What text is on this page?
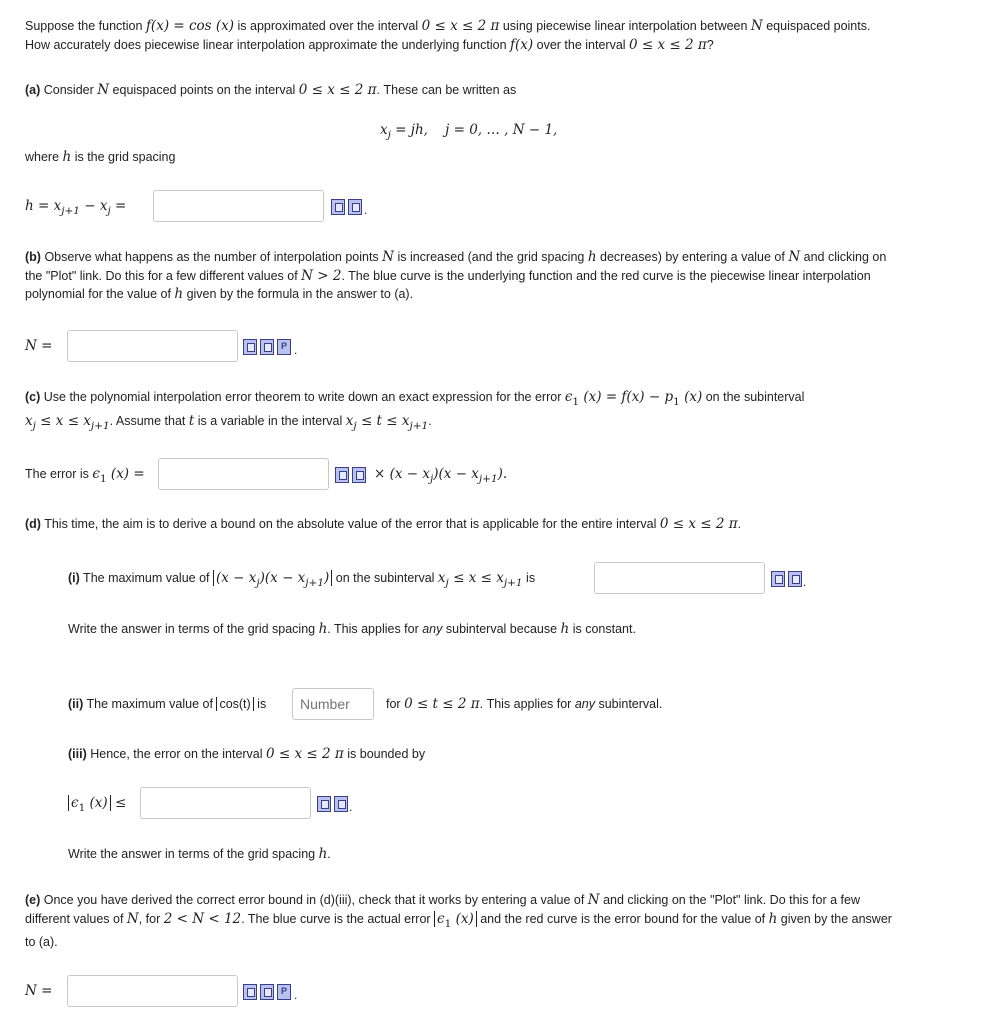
Suppose the function f(x) = cos (x) is approximated over the interval 0 ≤ x ≤ 2 π using piecewise linear interpolation between N equispaced points.
How accurately does piecewise linear interpolation approximate the underlying function f(x) over the interval 0 ≤ x ≤ 2 π?
(a) Consider N equispaced points on the interval 0 ≤ x ≤ 2 π. These can be written as
$x_j$ = jh,    j = 0, … , N − 1,
where h is the grid spacing
$h = x_{j+1} - x_j$ =	.
(b) Observe what happens as the number of interpolation points N is increased (and the grid spacing h decreases) by entering a value of N and clicking on
the "Plot" link. Do this for a few different values of N > 2. The blue curve is the underlying function and the red curve is the piecewise linear interpolation
polynomial for the value of h given by the formula in the answer to (a).
N = P	.
(c) Use the polynomial interpolation error theorem to write down an exact expression for the error $\epsilon_1$ $(x) = f(x) - p_1$ (x) on the subinterval
$x_j \le x \le x_{j+1}$. Assume that t is a variable in the interval $x_j \le t \le x_{j+1}$.
The error is $\epsilon_1$ (x) =	× $(x - x_j)(x - x_{j+1})$.
(d) This time, the aim is to derive a bound on the absolute value of the error that is applicable for the entire interval 0 ≤ x ≤ 2 π.
(i) The maximum value of $(x - x_j)(x - x_{j+1})$ on the subinterval $x_j \le x \le x_{j+1}$ is	.
Write the answer in terms of the grid spacing h. This applies for any subinterval because h is constant.
(ii) The maximum value of cos(t) is
Number	for 0 ≤ t ≤ 2 π. This applies for any subinterval.
(iii) Hence, the error on the interval 0 ≤ x ≤ 2 π is bounded by
$\epsilon_1$ (x) ≤	.
Write the answer in terms of the grid spacing h.
(e) Once you have derived the correct error bound in (d)(iii), check that it works by entering a value of N and clicking on the "Plot" link. Do this for a few
different values of N, for 2 < N < 12. The blue curve is the actual error $\epsilon_1$ (x) and the red curve is the error bound for the value of h given by the answer
to (a).
N = P	.
